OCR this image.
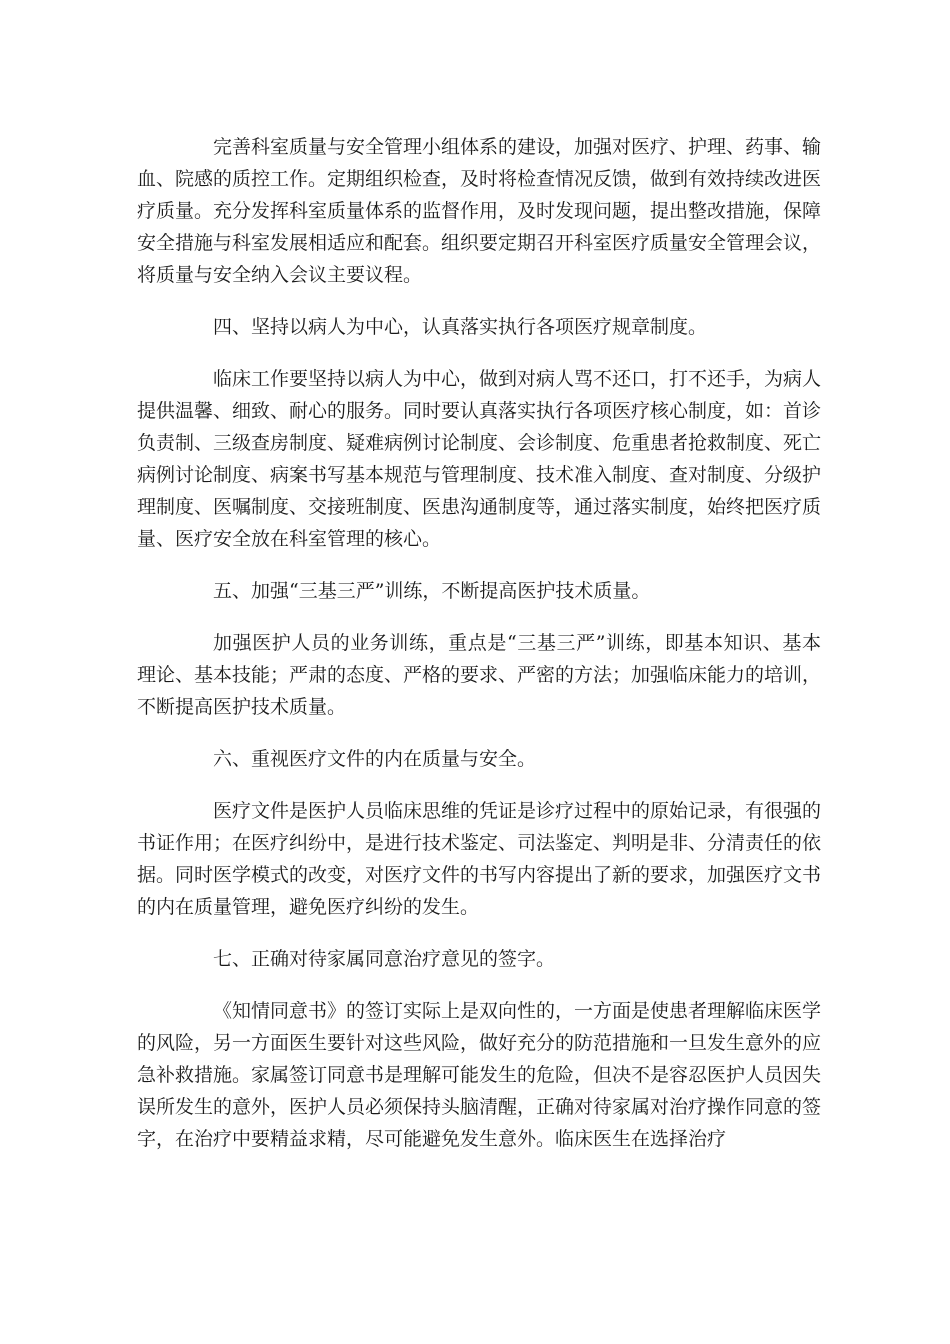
完善科室质量与安全管理小组体系的建设，加强对医疗、护理、药事、输血、院感的质控工作。定期组织检查，及时将检查情况反馈，做到有效持续改进医疗质量。充分发挥科室质量体系的监督作用，及时发现问题，提出整改措施，保障安全措施与科室发展相适应和配套。组织要定期召开科室医疗质量安全管理会议，将质量与安全纳入会议主要议程。

四、坚持以病人为中心，认真落实执行各项医疗规章制度。

临床工作要坚持以病人为中心，做到对病人骂不还口，打不还手，为病人提供温馨、细致、耐心的服务。同时要认真落实执行各项医疗核心制度，如：首诊负责制、三级查房制度、疑难病例讨论制度、会诊制度、危重患者抢救制度、死亡病例讨论制度、病案书写基本规范与管理制度、技术准入制度、查对制度、分级护理制度、医嘱制度、交接班制度、医患沟通制度等，通过落实制度，始终把医疗质量、医疗安全放在科室管理的核心。

五、加强“三基三严”训练，不断提高医护技术质量。

加强医护人员的业务训练，重点是“三基三严”训练，即基本知识、基本理论、基本技能；严肃的态度、严格的要求、严密的方法；加强临床能力的培训，不断提高医护技术质量。

六、重视医疗文件的内在质量与安全。

医疗文件是医护人员临床思维的凭证是诊疗过程中的原始记录，有很强的书证作用；在医疗纠纷中，是进行技术鉴定、司法鉴定、判明是非、分清责任的依据。同时医学模式的改变，对医疗文件的书写内容提出了新的要求，加强医疗文书的内在质量管理，避免医疗纠纷的发生。

七、正确对待家属同意治疗意见的签字。

《知情同意书》的签订实际上是双向性的，一方面是使患者理解临床医学的风险，另一方面医生要针对这些风险，做好充分的防范措施和一旦发生意外的应急补救措施。家属签订同意书是理解可能发生的危险，但决不是容忍医护人员因失误所发生的意外，医护人员必须保持头脑清醒，正确对待家属对治疗操作同意的签字，在治疗中要精益求精，尽可能避免发生意外。临床医生在选择治疗
